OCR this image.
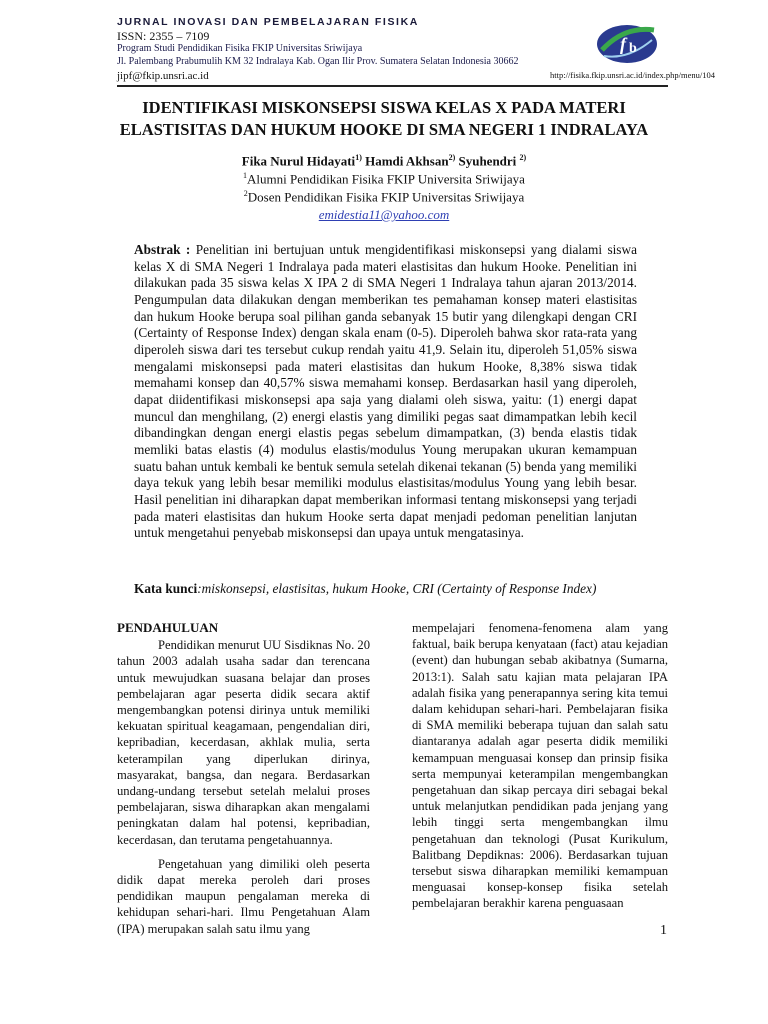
JURNAL INOVASI DAN PEMBELAJARAN FISIKA
ISSN: 2355 – 7109
Program Studi Pendidikan Fisika FKIP Universitas Sriwijaya
Jl. Palembang Prabumulih KM 32 Indralaya Kab. Ogan Ilir Prov. Sumatera Selatan Indonesia 30662
jipf@fkip.unsri.ac.id	http://fisika.fkip.unsri.ac.id/index.php/menu/104
f b
IDENTIFIKASI MISKONSEPSI SISWA KELAS X PADA MATERI
ELASTISITAS DAN HUKUM HOOKE DI SMA NEGERI 1 INDRALAYA
Fika Nurul Hidayati$^{1)}$ Hamdi Akhsan$^{2)}$ Syuhendri $^{2)}$
$^1$Alumni Pendidikan Fisika FKIP Universita Sriwijaya
$^2$Dosen Pendidikan Fisika FKIP Universitas Sriwijaya
emidestia11@yahoo.com
Abstrak : Penelitian ini bertujuan untuk mengidentifikasi miskonsepsi yang dialami siswa kelas X di SMA Negeri 1 Indralaya pada materi elastisitas dan hukum Hooke. Penelitian ini dilakukan pada 35 siswa kelas X IPA 2 di SMA Negeri 1 Indralaya tahun ajaran 2013/2014. Pengumpulan data dilakukan dengan memberikan tes pemahaman konsep materi elastisitas dan hukum Hooke berupa soal pilihan ganda sebanyak 15 butir yang dilengkapi dengan CRI (Certainty of Response Index) dengan skala enam (0-5). Diperoleh bahwa skor rata-rata yang diperoleh siswa dari tes tersebut cukup rendah yaitu 41,9. Selain itu, diperoleh 51,05% siswa mengalami miskonsepsi pada materi elastisitas dan hukum Hooke, 8,38% siswa tidak memahami konsep dan 40,57% siswa memahami konsep. Berdasarkan hasil yang diperoleh, dapat diidentifikasi miskonsepsi apa saja yang dialami oleh siswa, yaitu: (1) energi dapat muncul dan menghilang, (2) energi elastis yang dimiliki pegas saat dimampatkan lebih kecil dibandingkan dengan energi elastis pegas sebelum dimampatkan, (3) benda elastis tidak memliki batas elastis (4) modulus elastis/modulus Young merupakan ukuran kemampuan suatu bahan untuk kembali ke bentuk semula setelah dikenai tekanan (5) benda yang memiliki daya tekuk yang lebih besar memiliki modulus elastisitas/modulus Young yang lebih besar. Hasil penelitian ini diharapkan dapat memberikan informasi tentang miskonsepsi yang terjadi pada materi elastisitas dan hukum Hooke serta dapat menjadi pedoman penelitian lanjutan untuk mengetahui penyebab miskonsepsi dan upaya untuk mengatasinya.
Kata kunci:miskonsepsi, elastisitas, hukum Hooke, CRI (Certainty of Response Index)
PENDAHULUAN

Pendidikan menurut UU Sisdiknas No. 20 tahun 2003 adalah usaha sadar dan terencana untuk mewujudkan suasana belajar dan proses pembelajaran agar peserta didik secara aktif mengembangkan potensi dirinya untuk memiliki kekuatan spiritual keagamaan, pengendalian diri, kepribadian, kecerdasan, akhlak mulia, serta keterampilan yang diperlukan dirinya, masyarakat, bangsa, dan negara. Berdasarkan undang-undang tersebut setelah melalui proses pembelajaran, siswa diharapkan akan mengalami peningkatan dalam hal potensi, kepribadian, kecerdasan, dan terutama pengetahuannya.

Pengetahuan yang dimiliki oleh peserta didik dapat mereka peroleh dari proses pendidikan maupun pengalaman mereka di kehidupan sehari-hari. Ilmu Pengetahuan Alam (IPA) merupakan salah satu ilmu yang

mempelajari fenomena-fenomena alam yang faktual, baik berupa kenyataan (fact) atau kejadian (event) dan hubungan sebab akibatnya (Sumarna, 2013:1). Salah satu kajian mata pelajaran IPA adalah fisika yang penerapannya sering kita temui dalam kehidupan sehari-hari. Pembelajaran fisika di SMA memiliki beberapa tujuan dan salah satu diantaranya adalah agar peserta didik memiliki kemampuan menguasai konsep dan prinsip fisika serta mempunyai keterampilan mengembangkan pengetahuan dan sikap percaya diri sebagai bekal untuk melanjutkan pendidikan pada jenjang yang lebih tinggi serta mengembangkan ilmu pengetahuan dan teknologi (Pusat Kurikulum, Balitbang Depdiknas: 2006). Berdasarkan tujuan tersebut siswa diharapkan memiliki kemampuan menguasai konsep-konsep fisika setelah pembelajaran berakhir karena penguasaan

1
